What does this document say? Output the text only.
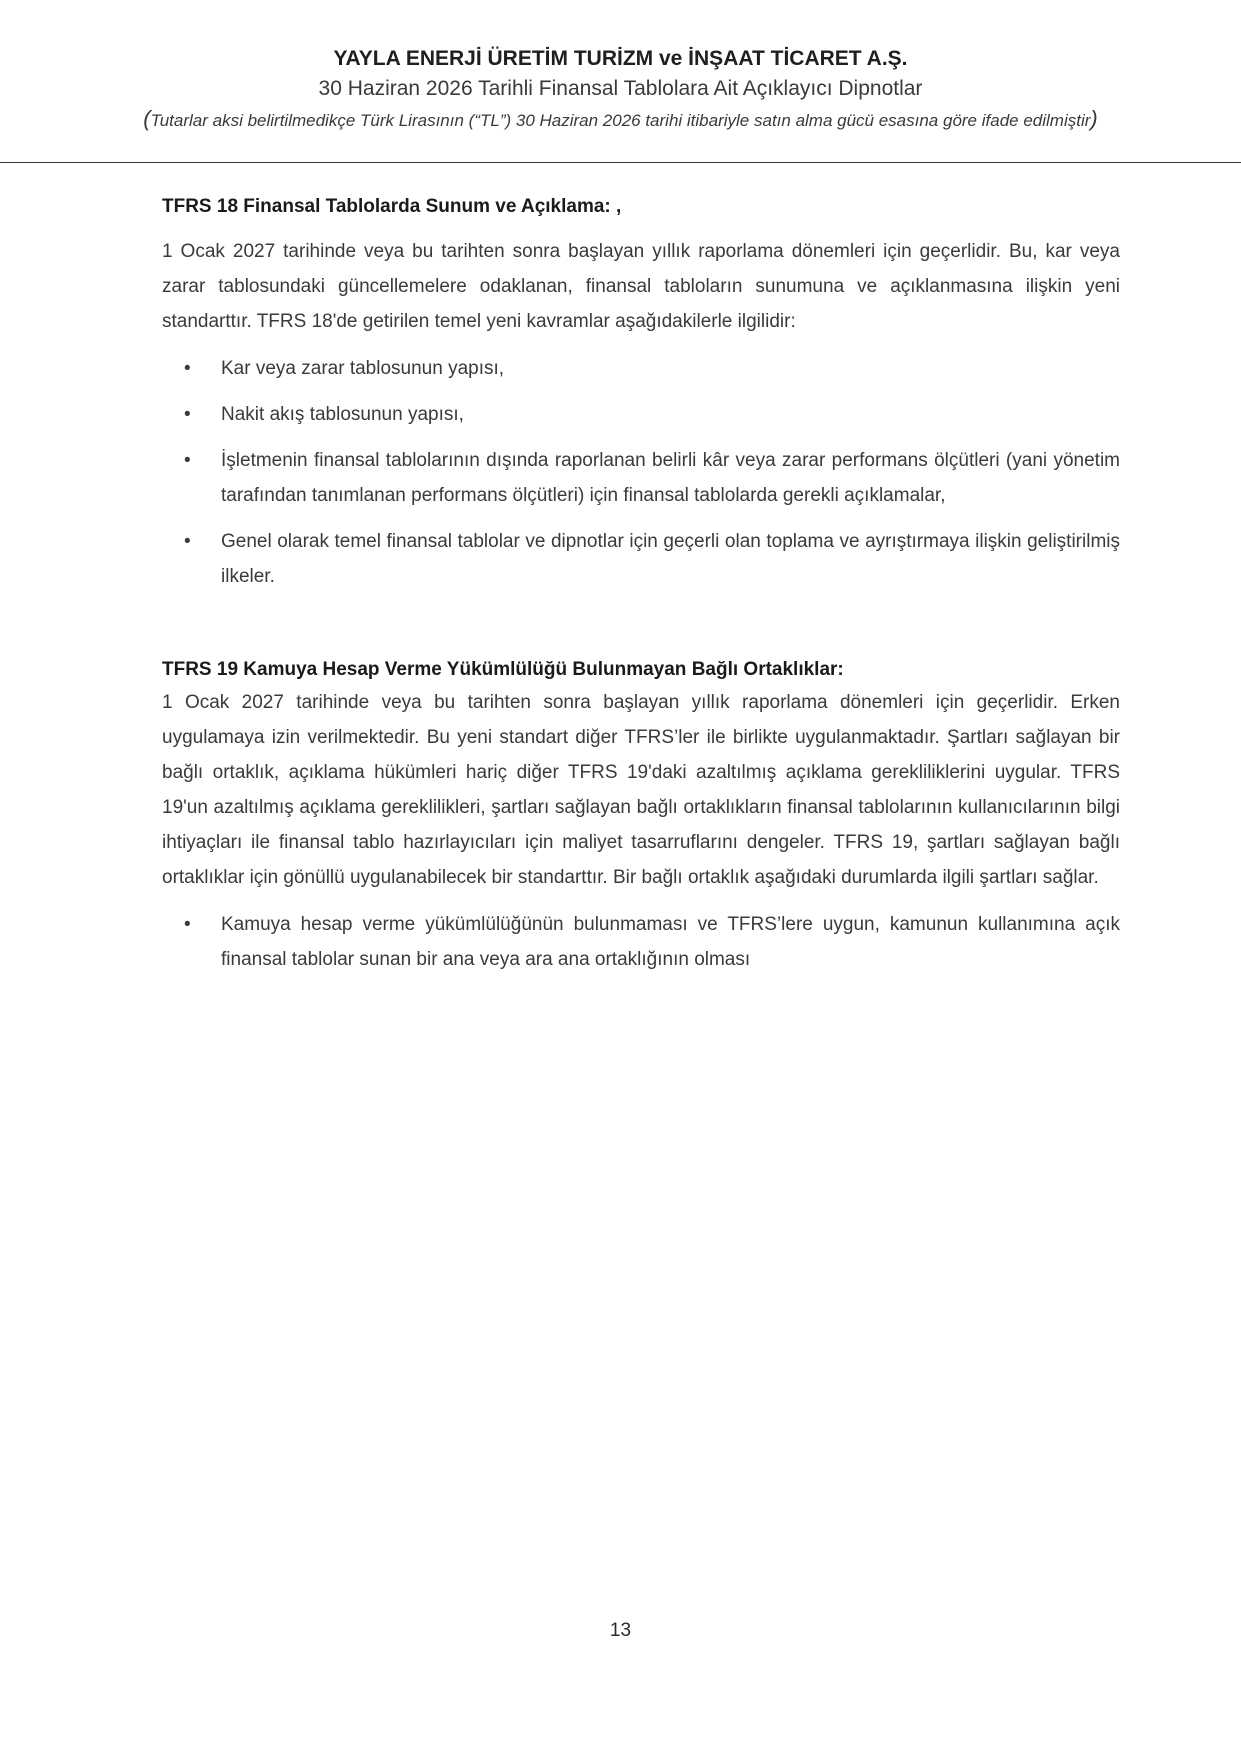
YAYLA ENERJİ ÜRETİM TURİZM ve İNŞAAT TİCARET A.Ş.
30 Haziran 2026 Tarihli Finansal Tablolara Ait Açıklayıcı Dipnotlar
(Tutarlar aksi belirtilmedikçe Türk Lirasının (“TL”) 30 Haziran 2026 tarihi itibariyle satın alma gücü esasına göre ifade edilmiştir)

TFRS 18 Finansal Tablolarda Sunum ve Açıklama: ,

1 Ocak 2027 tarihinde veya bu tarihten sonra başlayan yıllık raporlama dönemleri için geçerlidir. Bu, kar veya zarar tablosundaki güncellemelere odaklanan, finansal tabloların sunumuna ve açıklanmasına ilişkin yeni standarttır. TFRS 18'de getirilen temel yeni kavramlar aşağıdakilerle ilgilidir:

• Kar veya zarar tablosunun yapısı,
• Nakit akış tablosunun yapısı,
• İşletmenin finansal tablolarının dışında raporlanan belirli kâr veya zarar performans ölçütleri (yani yönetim tarafından tanımlanan performans ölçütleri) için finansal tablolarda gerekli açıklamalar,
• Genel olarak temel finansal tablolar ve dipnotlar için geçerli olan toplama ve ayrıştırmaya ilişkin geliştirilmiş ilkeler.

TFRS 19 Kamuya Hesap Verme Yükümlülüğü Bulunmayan Bağlı Ortaklıklar:

1 Ocak 2027 tarihinde veya bu tarihten sonra başlayan yıllık raporlama dönemleri için geçerlidir. Erken uygulamaya izin verilmektedir. Bu yeni standart diğer TFRS’ler ile birlikte uygulanmaktadır. Şartları sağlayan bir bağlı ortaklık, açıklama hükümleri hariç diğer TFRS 19'daki azaltılmış açıklama gerekliliklerini uygular. TFRS 19'un azaltılmış açıklama gereklilikleri, şartları sağlayan bağlı ortaklıkların finansal tablolarının kullanıcılarının bilgi ihtiyaçları ile finansal tablo hazırlayıcıları için maliyet tasarruflarını dengeler. TFRS 19, şartları sağlayan bağlı ortaklıklar için gönüllü uygulanabilecek bir standarttır. Bir bağlı ortaklık aşağıdaki durumlarda ilgili şartları sağlar.

• Kamuya hesap verme yükümlülüğünün bulunmaması ve TFRS’lere uygun, kamunun kullanımına açık finansal tablolar sunan bir ana veya ara ana ortaklığının olması
13
